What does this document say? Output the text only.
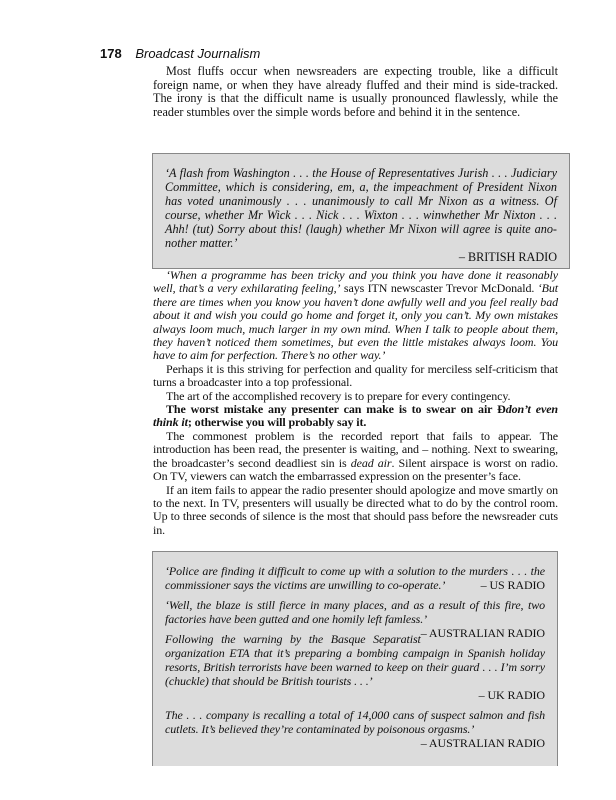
178 Broadcast Journalism

Most fluffs occur when newsreaders are expecting trouble, like a difficult foreign name, or when they have already fluffed and their mind is side-tracked. The irony is that the difficult name is usually pronounced flawlessly, while the reader stumbles over the simple words before and behind it in the sentence.

‘A flash from Washington . . . the House of Representatives Jurish . . . Judiciary Committee, which is considering, em, a, the impeachment of President Nixon has voted unanimously . . . unanimously to call Mr Nixon as a witness. Of course, whether Mr Wick . . . Nick . . . Wixton . . . winwhether Mr Nixton . . . Ahh! (tut) Sorry about this! (laugh) whether Mr Nixon will agree is quite ano-nother matter.’

– BRITISH RADIO

‘When a programme has been tricky and you think you have done it reasonably well, that’s a very exhilarating feeling,’ says ITN newscaster Trevor McDonald. ‘But there are times when you know you haven’t done awfully well and you feel really bad about it and wish you could go home and forget it, only you can’t. My own mistakes always loom much, much larger in my own mind. When I talk to people about them, they haven’t noticed them sometimes, but even the little mistakes always loom. You have to aim for perfection. There’s no other way.’

Perhaps it is this striving for perfection and quality for merciless self-criticism that turns a broadcaster into a top professional.

The art of the accomplished recovery is to prepare for every contingency.

The worst mistake any presenter can make is to swear on air Ðdon’t even think it; otherwise you will probably say it.

The commonest problem is the recorded report that fails to appear. The introduction has been read, the presenter is waiting, and – nothing. Next to swearing, the broadcaster’s second deadliest sin is dead air. Silent airspace is worst on radio. On TV, viewers can watch the embarrassed expression on the presenter’s face.

If an item fails to appear the radio presenter should apologize and move smartly on to the next. In TV, presenters will usually be directed what to do by the control room. Up to three seconds of silence is the most that should pass before the newsreader cuts in.

‘Police are finding it difficult to come up with a solution to the murders . . . the commissioner says the victims are unwilling to co-operate.’	– US RADIO

‘Well, the blaze is still fierce in many places, and as a result of this fire, two factories have been gutted and one homily left famless.’
– AUSTRALIAN RADIO

Following the warning by the Basque Separatist organization ETA that it’s preparing a bombing campaign in Spanish holiday resorts, British terrorists have been warned to keep on their guard . . . I’m sorry (chuckle) that should be British tourists . . .’

– UK RADIO

The . . . company is recalling a total of 14,000 cans of suspect salmon and fish cutlets. It’s believed they’re contaminated by poisonous orgasms.’

– AUSTRALIAN RADIO
